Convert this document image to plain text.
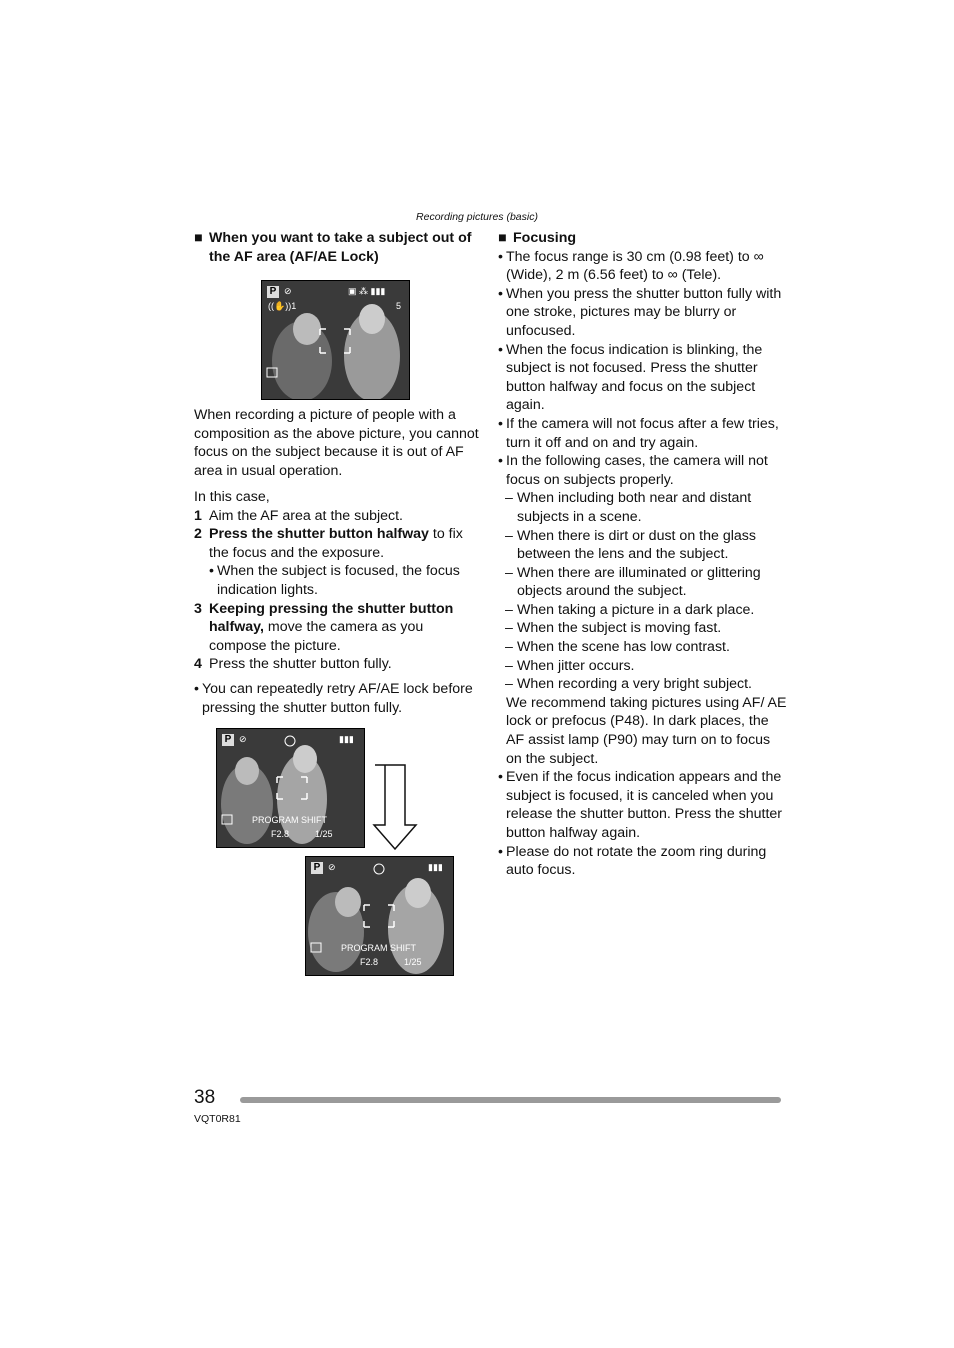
Recording pictures (basic)
■ When you want to take a subject out of the AF area (AF/AE Lock)
P ⊘
((✋))1
▣ ⁂ ▮▮▮
5

When recording a picture of people with a composition as the above picture, you cannot focus on the subject because it is out of AF area in usual operation.

In this case,
1 Aim the AF area at the subject.
2 Press the shutter button halfway to fix the focus and the exposure.
• When the subject is focused, the focus indication lights.
3 Keeping pressing the shutter button halfway, move the camera as you compose the picture.
4 Press the shutter button fully.
• You can repeatedly retry AF/AE lock before pressing the shutter button fully.
P ⊘	▮▮▮
PROGRAM SHIFT
F2.8	1/25
P ⊘	▮▮▮
PROGRAM SHIFT
F2.8	1/25
■ Focusing
• The focus range is 30 cm (0.98 feet) to ∞ (Wide), 2 m (6.56 feet) to ∞ (Tele).
• When you press the shutter button fully with one stroke, pictures may be blurry or unfocused.
• When the focus indication is blinking, the subject is not focused. Press the shutter button halfway and focus on the subject again.
• If the camera will not focus after a few tries, turn it off and on and try again.
• In the following cases, the camera will not focus on subjects properly.
– When including both near and distant subjects in a scene.
– When there is dirt or dust on the glass between the lens and the subject.
– When there are illuminated or glittering objects around the subject.
– When taking a picture in a dark place.
– When the subject is moving fast.
– When the scene has low contrast.
– When jitter occurs.
– When recording a very bright subject.
We recommend taking pictures using AF/ AE lock or prefocus (P48). In dark places, the AF assist lamp (P90) may turn on to focus on the subject.
• Even if the focus indication appears and the subject is focused, it is canceled when you release the shutter button. Press the shutter button halfway again.
• Please do not rotate the zoom ring during auto focus.
38
VQT0R81
